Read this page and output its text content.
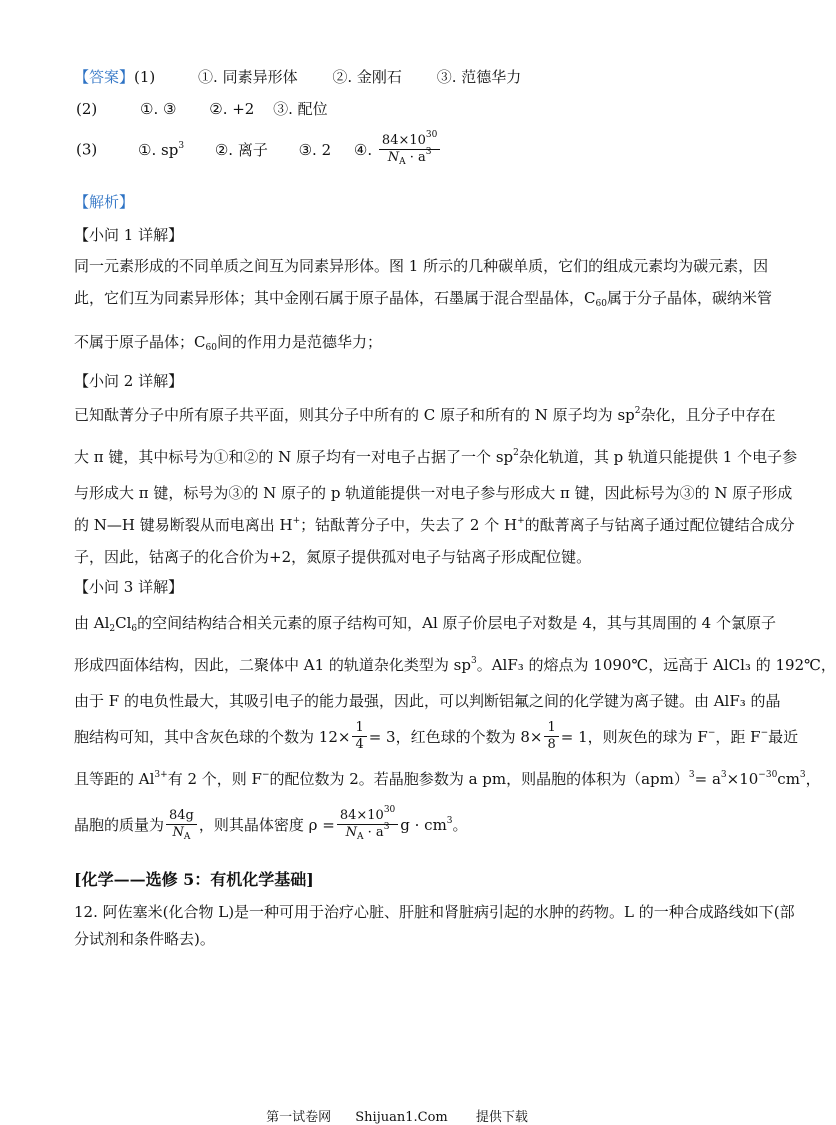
【答案】(1)	①. 同素异形体 ②. 金刚石 ③. 范德华力
(2)	①. ③ ②. +2 ③. 配位
(3)	①. $sp^3$ ②. 离子 ③. 2 ④. $\frac{84\times 10^{30}}{N_A \cdot a^3}$
【解析】
【小问 1 详解】
同一元素形成的不同单质之间互为同素异形体。图 1 所示的几种碳单质，它们的组成元素均为碳元素，因
此，它们互为同素异形体；其中金刚石属于原子晶体，石墨属于混合型晶体，$C_{60}$属于分子晶体，碳纳米管
不属于原子晶体；$C_{60}$间的作用力是范德华力；
【小问 2 详解】
已知酞菁分子中所有原子共平面，则其分子中所有的 C 原子和所有的 N 原子均为 $sp^2$杂化，且分子中存在
大 π 键，其中标号为①和②的 N 原子均有一对电子占据了一个 $sp^2$杂化轨道，其 p 轨道只能提供 1 个电子参
与形成大 π 键，标号为③的 N 原子的 p 轨道能提供一对电子参与形成大 π 键，因此标号为③的 N 原子形成
的 N—H 键易断裂从而电离出 H+；钴酞菁分子中，失去了 2 个 H+的酞菁离子与钴离子通过配位键结合成分
子，因此，钴离子的化合价为+2，氮原子提供孤对电子与钴离子形成配位键。
【小问 3 详解】
由 $Al_2Cl_6$的空间结构结合相关元素的原子结构可知，Al 原子价层电子对数是 4，其与其周围的 4 个氯原子
形成四面体结构，因此，二聚体中 A1 的轨道杂化类型为 $sp^3$。AlF₃ 的熔点为 1090℃，远高于 AlCl₃ 的 192℃，
由于 F 的电负性最大，其吸引电子的能力最强，因此，可以判断铝氟之间的化学键为离子键。由 AlF₃ 的晶
胞结构可知，其中含灰色球的个数为 $12\times \frac{1}{4} = 3$，红色球的个数为 $8\times \frac{1}{8} = 1$，则灰色的球为 F−，距 F−最近
且等距的 $Al^{3+}$有 2 个，则 F−的配位数为 2。若晶胞参数为 a pm，则晶胞的体积为$(apm)^3= a^3\times 10^{-30}cm^3$，
晶胞的质量为 $\frac{84g}{N_A}$ ，则其晶体密度 $\rho = \frac{84\times 10^{30}}{N_A \cdot a^3}$ $g \cdot cm^3$。
[化学——选修 5：有机化学基础]
12. 阿佐塞米(化合物 L)是一种可用于治疗心脏、肝脏和肾脏病引起的水肿的药物。L 的一种合成路线如下(部
分试剂和条件略去)。
第一试卷网 Shijuan1.Com 提供下载
